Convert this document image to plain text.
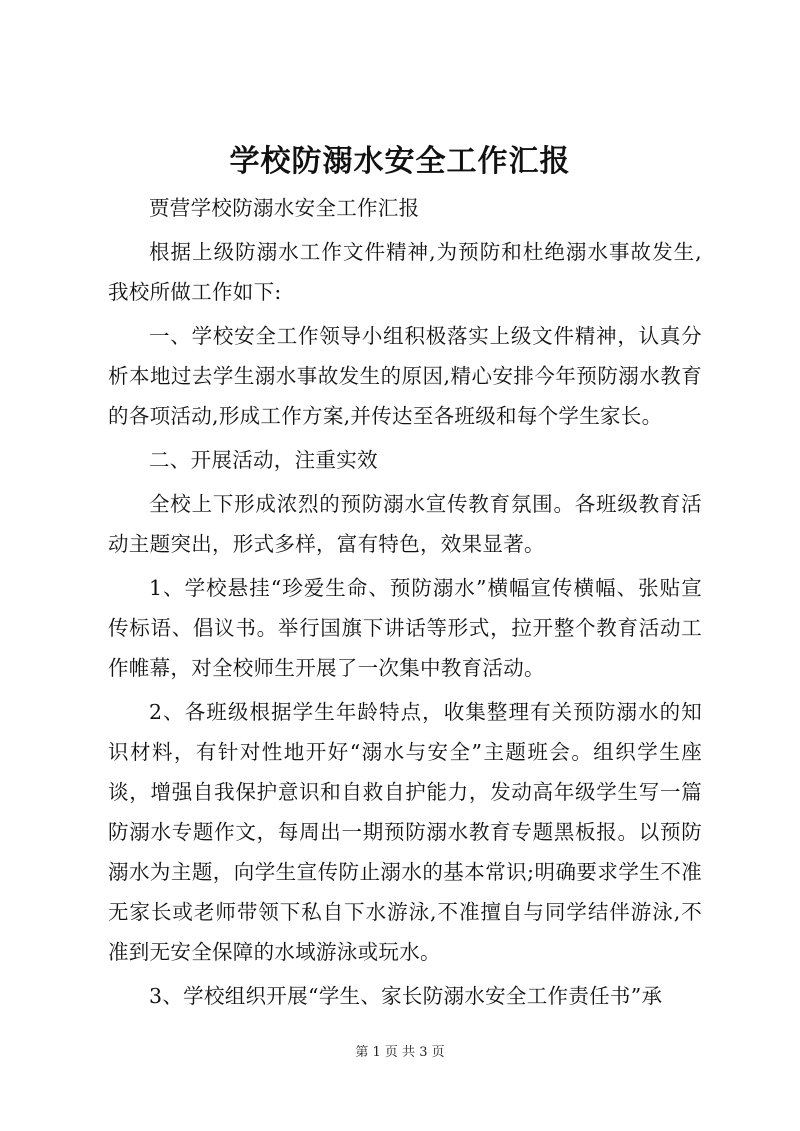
学校防溺水安全工作汇报

贾营学校防溺水安全工作汇报

根据上级防溺水工作文件精神,为预防和杜绝溺水事故发生,我校所做工作如下:

一、学校安全工作领导小组积极落实上级文件精神，认真分析本地过去学生溺水事故发生的原因,精心安排今年预防溺水教育的各项活动,形成工作方案,并传达至各班级和每个学生家长。

二、开展活动，注重实效

全校上下形成浓烈的预防溺水宣传教育氛围。各班级教育活动主题突出，形式多样，富有特色，效果显著。

1、学校悬挂“珍爱生命、预防溺水”横幅宣传横幅、张贴宣传标语、倡议书。举行国旗下讲话等形式，拉开整个教育活动工作帷幕，对全校师生开展了一次集中教育活动。

2、各班级根据学生年龄特点，收集整理有关预防溺水的知识材料，有针对性地开好“溺水与安全”主题班会。组织学生座谈，增强自我保护意识和自救自护能力，发动高年级学生写一篇防溺水专题作文，每周出一期预防溺水教育专题黑板报。以预防溺水为主题，向学生宣传防止溺水的基本常识;明确要求学生不准无家长或老师带领下私自下水游泳,不准擅自与同学结伴游泳,不准到无安全保障的水域游泳或玩水。

3、学校组织开展“学生、家长防溺水安全工作责任书”承

第 1 页 共 3 页
